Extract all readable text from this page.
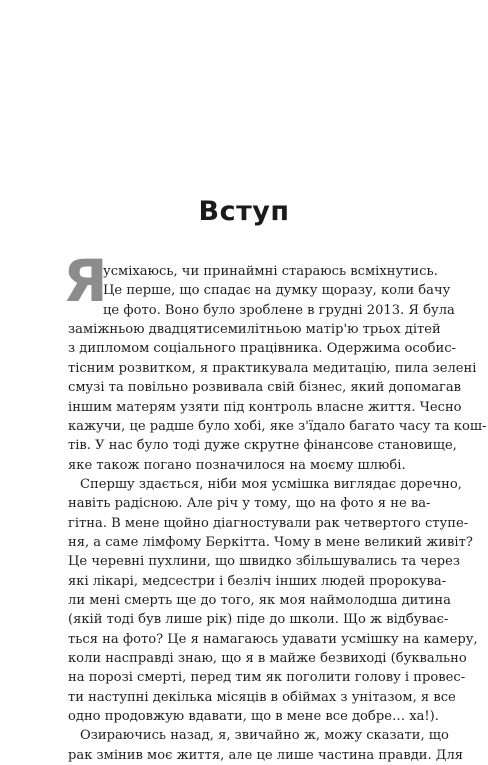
Вступ
Я
усміхаюсь, чи принаймні стараюсь всміхнутись.
Це перше, що спадає на думку щоразу, коли бачу
це фото. Воно було зроблене в грудні 2013. Я була
заміжньою двадцятисемилітньою матір'ю трьох дітей
з дипломом соціального працівника. Одержима особис-
тісним розвитком, я практикувала медитацію, пила зелені
смузі та повільно розвивала свій бізнес, який допомагав
іншим матерям узяти під контроль власне життя. Чесно
кажучи, це радше було хобі, яке з'їдало багато часу та кош-
тів. У нас було тоді дуже скрутне фінансове становище,
яке також погано позначилося на моєму шлюбі.
Спершу здається, ніби моя усмішка виглядає доречно,
навіть радісною. Але річ у тому, що на фото я не ва-
гітна. В мене щойно діагностували рак четвертого ступе-
ня, а саме лімфому Беркітта. Чому в мене великий живіт?
Це черевні пухлини, що швидко збільшувались та через
які лікарі, медсестри і безліч інших людей пророкува-
ли мені смерть ще до того, як моя наймолодша дитина
(якій тоді був лише рік) піде до школи. Що ж відбуває-
ться на фото? Це я намагаюсь удавати усмішку на камеру,
коли насправді знаю, що я в майже безвиході (буквально
на порозі смерті, перед тим як поголити голову і провес-
ти наступні декілька місяців в обіймах з унітазом, я все
одно продовжую вдавати, що в мене все добре… ха!).
Озираючись назад, я, звичайно ж, можу сказати, що
рак змінив моє життя, але це лише частина правди. Для
